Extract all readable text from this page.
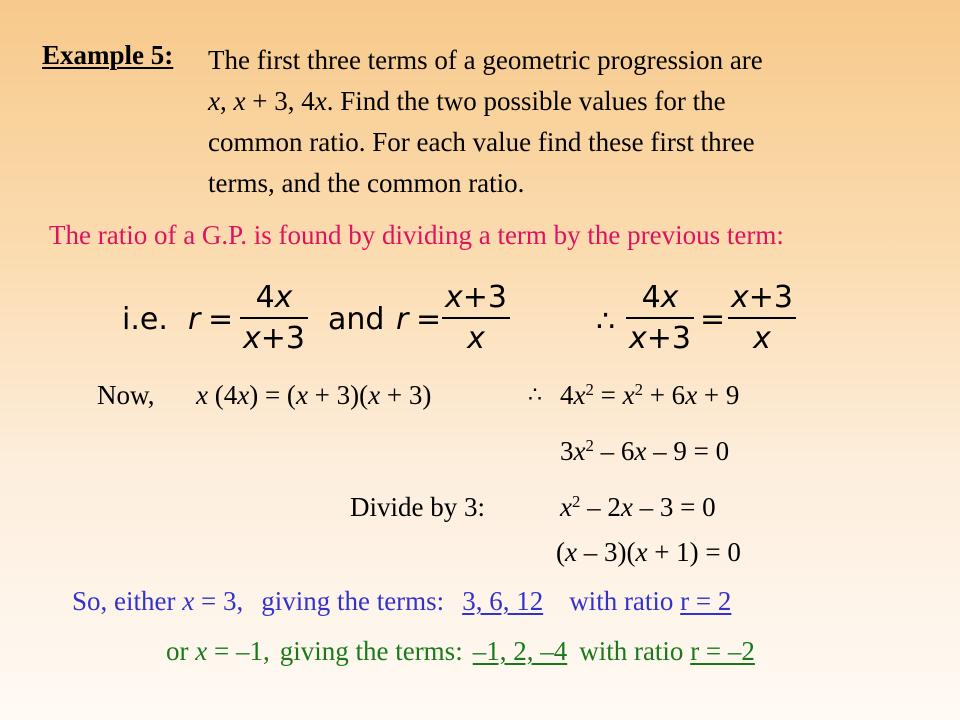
Example 5: The first three terms of a geometric progression are
x, x + 3, 4x. Find the two possible values for the
common ratio. For each value find these first three
terms, and the common ratio.
The ratio of a G.P. is found by dividing a term by the previous term:
i.e. r =
4x
x+3
and r =
x+3
x	∴
4x
x+3
=
x+3
x
Now, x (4x) = (x + 3)(x + 3)	∴ $4x^2 = x^2 + 6x + 9$
$3x^2 - 6x - 9 = 0$
Divide by 3:	$x^2 - 2x - 3 = 0$
(x – 3)(x + 1) = 0
So, either x = 3, giving the terms: 3, 6, 12 with ratio r = 2
or x = –1, giving the terms: –1, 2, –4 with ratio r = –2
